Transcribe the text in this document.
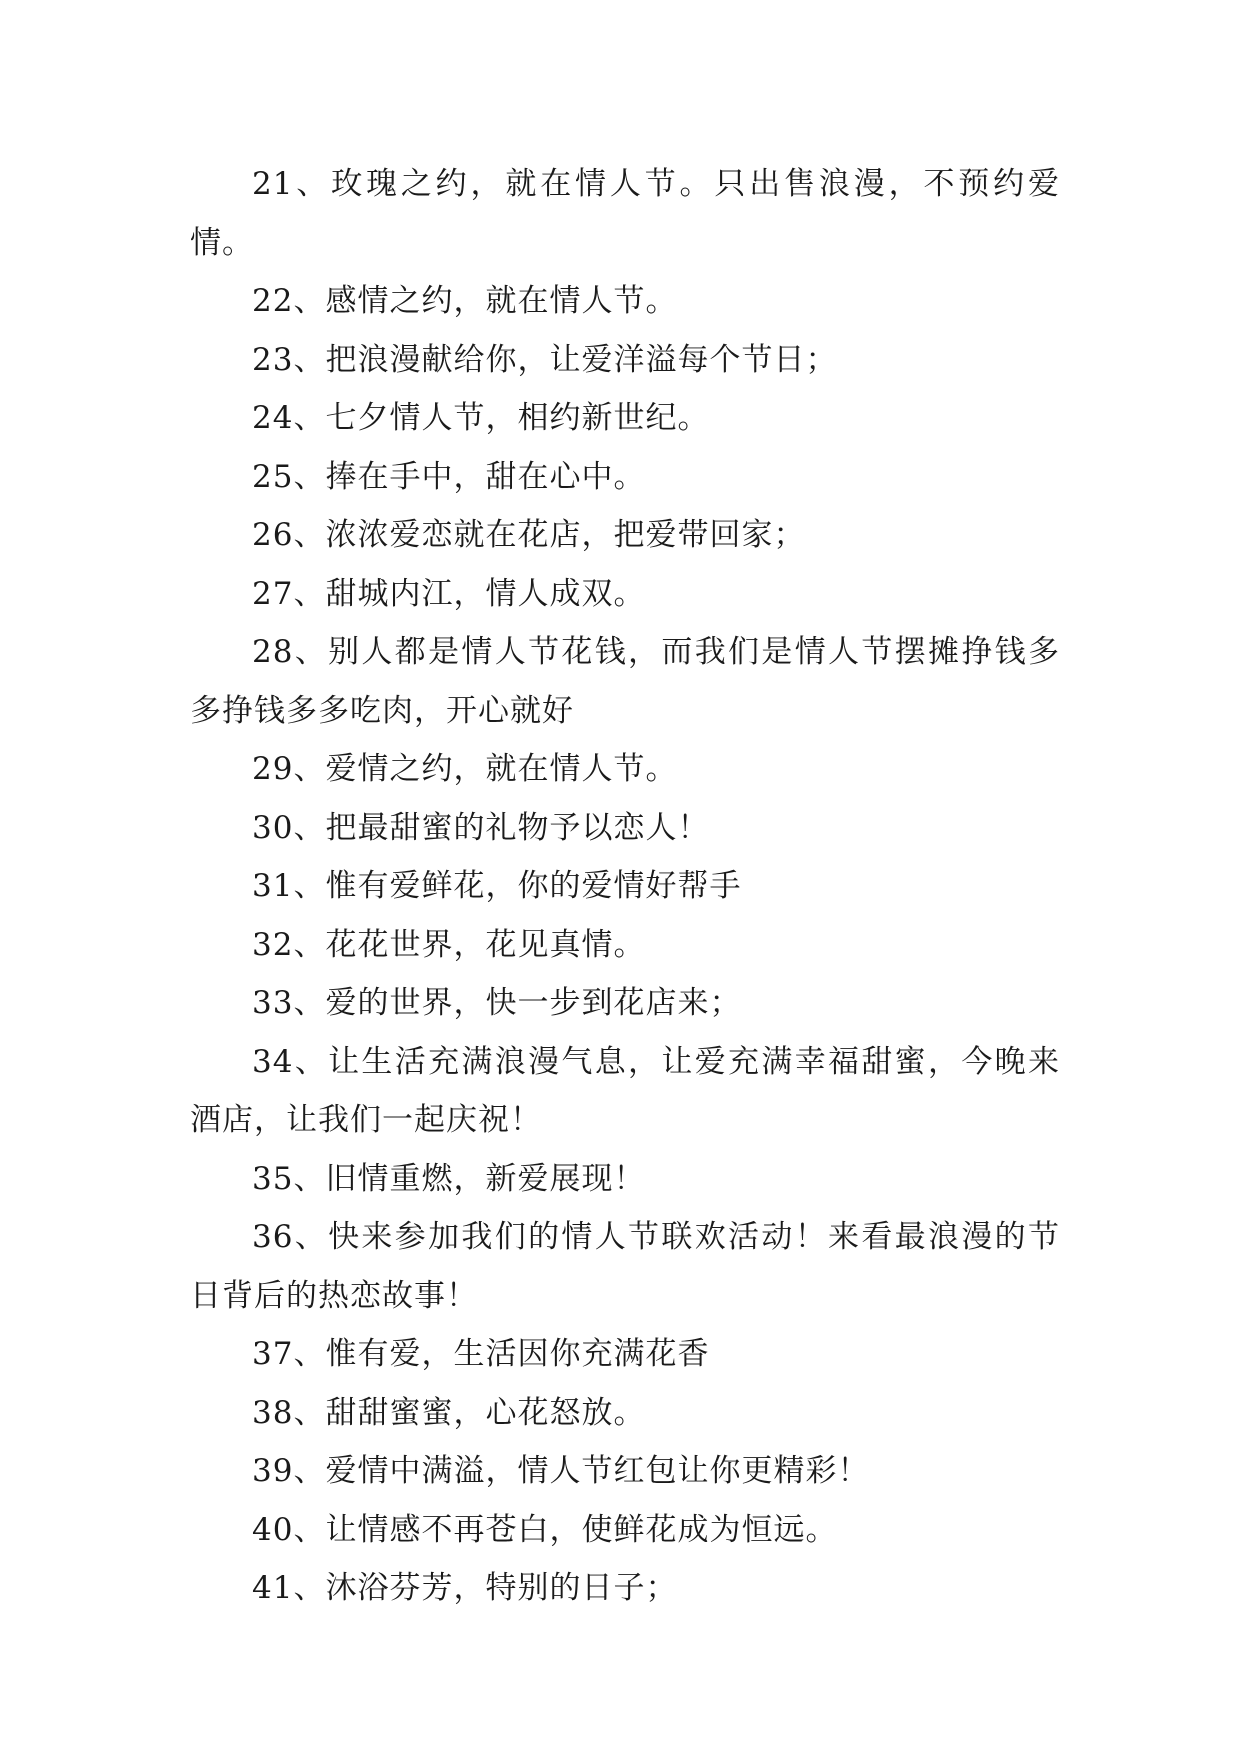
21、玫瑰之约，就在情人节。只出售浪漫，不预约爱情。

22、感情之约，就在情人节。

23、把浪漫献给你，让爱洋溢每个节日；

24、七夕情人节，相约新世纪。

25、捧在手中，甜在心中。

26、浓浓爱恋就在花店，把爱带回家；

27、甜城内江，情人成双。

28、别人都是情人节花钱，而我们是情人节摆摊挣钱多多挣钱多多吃肉，开心就好

29、爱情之约，就在情人节。

30、把最甜蜜的礼物予以恋人！

31、惟有爱鲜花，你的爱情好帮手

32、花花世界，花见真情。

33、爱的世界，快一步到花店来；

34、让生活充满浪漫气息，让爱充满幸福甜蜜，今晚来酒店，让我们一起庆祝！

35、旧情重燃，新爱展现！

36、快来参加我们的情人节联欢活动！来看最浪漫的节日背后的热恋故事！

37、惟有爱，生活因你充满花香

38、甜甜蜜蜜，心花怒放。

39、爱情中满溢，情人节红包让你更精彩！

40、让情感不再苍白，使鲜花成为恒远。

41、沐浴芬芳，特别的日子；
